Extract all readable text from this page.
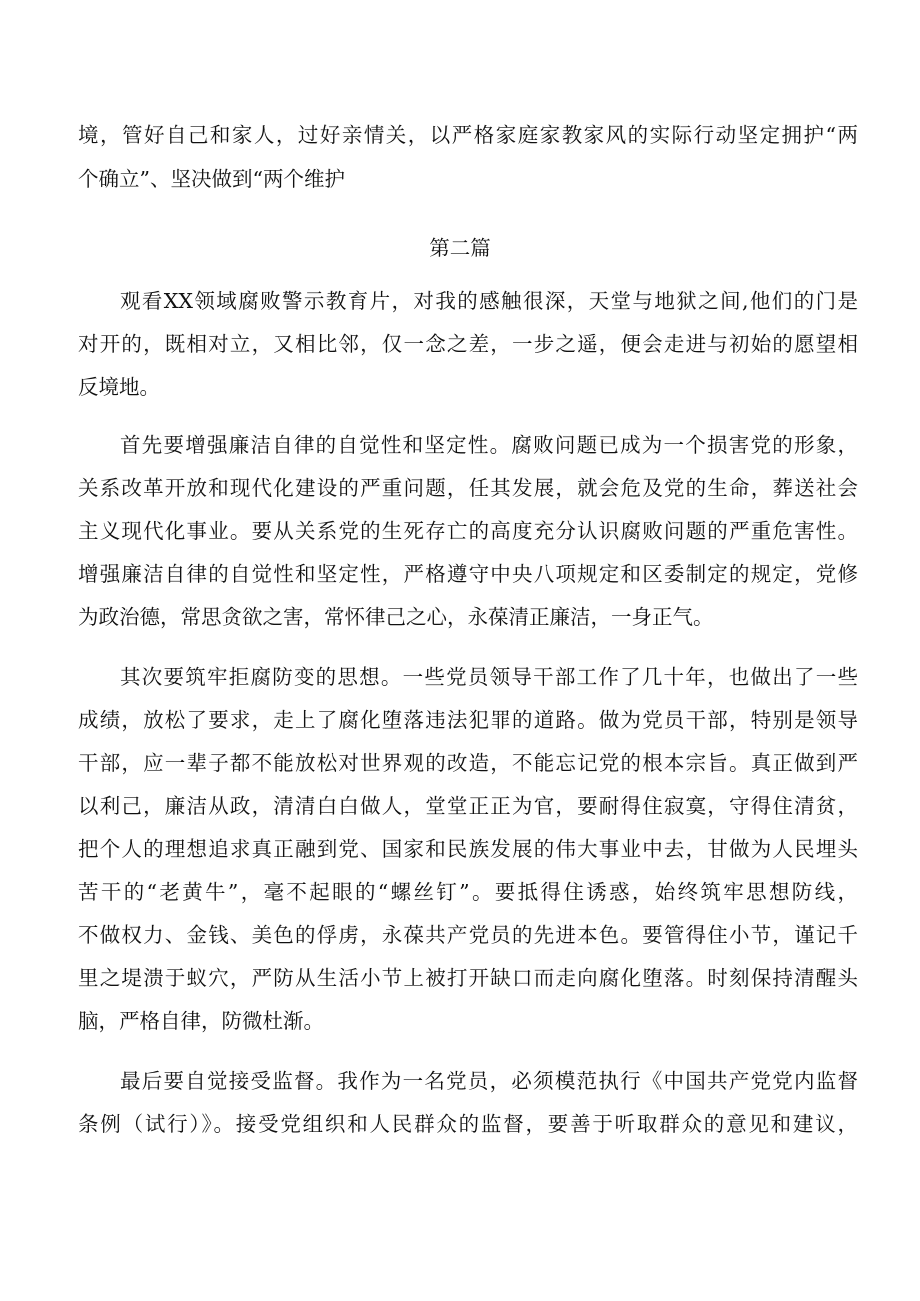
境，管好自己和家人，过好亲情关，以严格家庭家教家风的实际行动坚定拥护“两
个确立”、坚决做到“两个维护
第二篇
观看XX领域腐败警示教育片，对我的感触很深，天堂与地狱之间,他们的门是
对开的，既相对立，又相比邻，仅一念之差，一步之遥，便会走进与初始的愿望相
反境地。
首先要增强廉洁自律的自觉性和坚定性。腐败问题已成为一个损害党的形象，
关系改革开放和现代化建设的严重问题，任其发展，就会危及党的生命，葬送社会
主义现代化事业。要从关系党的生死存亡的高度充分认识腐败问题的严重危害性。
增强廉洁自律的自觉性和坚定性，严格遵守中央八项规定和区委制定的规定，党修
为政治德，常思贪欲之害，常怀律己之心，永葆清正廉洁，一身正气。
其次要筑牢拒腐防变的思想。一些党员领导干部工作了几十年，也做出了一些
成绩，放松了要求，走上了腐化堕落违法犯罪的道路。做为党员干部，特别是领导
干部，应一辈子都不能放松对世界观的改造，不能忘记党的根本宗旨。真正做到严
以利己，廉洁从政，清清白白做人，堂堂正正为官，要耐得住寂寞，守得住清贫，
把个人的理想追求真正融到党、国家和民族发展的伟大事业中去，甘做为人民埋头
苦干的“老黄牛”，毫不起眼的“螺丝钉”。要抵得住诱惑，始终筑牢思想防线，
不做权力、金钱、美色的俘虏，永葆共产党员的先进本色。要管得住小节，谨记千
里之堤溃于蚁穴，严防从生活小节上被打开缺口而走向腐化堕落。时刻保持清醒头
脑，严格自律，防微杜渐。
最后要自觉接受监督。我作为一名党员，必须模范执行《中国共产党党内监督
条例（试行）》。接受党组织和人民群众的监督，要善于听取群众的意见和建议，
